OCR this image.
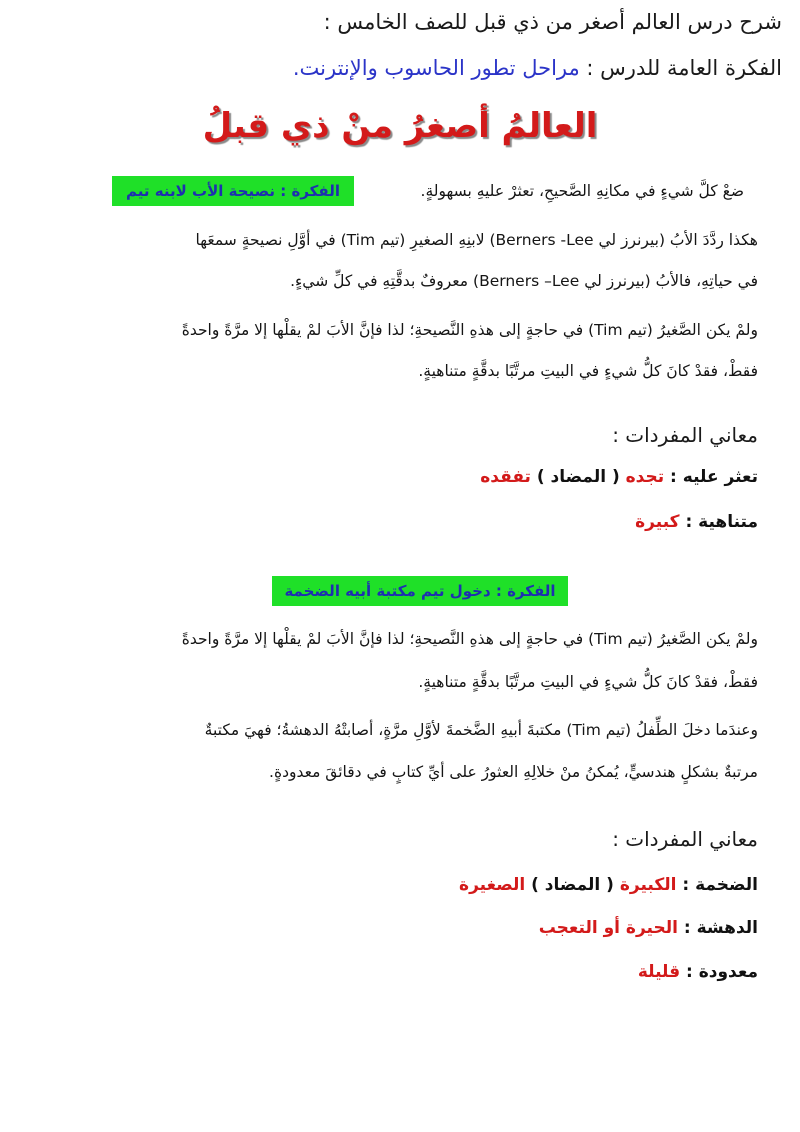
شرح درس العالم أصغر من ذي قبل للصف الخامس :
الفكرة العامة للدرس : مراحل تطور الحاسوب والإنترنت.
العالمُ أصغرُ منْ ذي قبلُ
الفكرة : نصيحة الأب لابنه تيم	ضعْ كلَّ شيءٍ في مكانِهِ الصَّحيحِ، تعثرْ عليهِ بسهولةٍ.
هكذا ردَّدَ الأبُ (بيرنرز لي Berners -Lee) لابنِهِ الصغيرِ (تيم Tim) في أوَّلِ نصيحةٍ سمعَها
في حياتِهِ، فالأبُ (بيرنرز لي Berners –Lee) معروفٌ بدقَّتِهِ في كلِّ شيءٍ.
ولمْ يكن الصَّغيرُ (تيم Tim) في حاجةٍ إلى هذهِ النَّصيحةِ؛ لذا فإنَّ الأبَ لمْ يقلْها إلا مرَّةً واحدةً
فقطْ، فقدْ كانَ كلُّ شيءٍ في البيتِ مرتَّبًا بدقَّةٍ متناهيةٍ.
معاني المفردات :
تعثر عليه : تجده ( المضاد ) تفقده
متناهية : كبيرة
الفكرة : دخول تيم مكتبة أبيه الضخمة
ولمْ يكن الصَّغيرُ (تيم Tim) في حاجةٍ إلى هذهِ النَّصيحةِ؛ لذا فإنَّ الأبَ لمْ يقلْها إلا مرَّةً واحدةً
فقطْ، فقدْ كانَ كلُّ شيءٍ في البيتِ مرتَّبًا بدقَّةٍ متناهيةٍ.
وعندَما دخلَ الطِّفلُ (تيم Tim) مكتبةَ أبيهِ الضَّخمةَ لأوَّلِ مرَّةٍ، أصابتْهُ الدهشةُ؛ فهيَ مكتبةٌ
مرتبةٌ بشكلٍ هندسيٍّ، يُمكنُ منْ خلالِهِ العثورُ على أيِّ كتابٍ في دقائقَ معدودةٍ.
معاني المفردات :
الضخمة : الكبيرة ( المضاد ) الصغيرة
الدهشة : الحيرة أو التعجب
معدودة : قليلة
